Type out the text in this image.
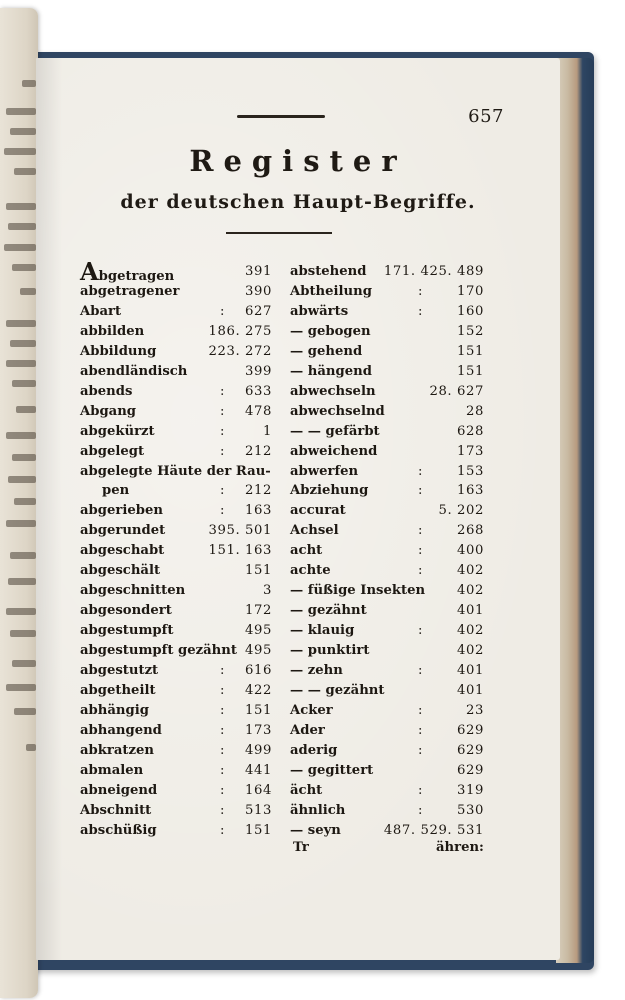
657
Register
der deutschen Haupt-Begriffe.
Abgetragen	391
abgetragener	390
Abart	: 627
abbilden	186. 275
Abbildung	223. 272
abendländisch	399
abends	: 633
Abgang	: 478
abgekürzt	:	1
abgelegt	: 212
abgelegte Häute der Rau-
pen	: 212
abgerieben	: 163
abgerundet	395. 501
abgeschabt	151. 163
abgeschält	151
abgeschnitten	3
abgesondert	172
abgestumpft	495
abgestumpft gezähnt 495
abgestutzt	: 616
abgetheilt	: 422
abhängig	: 151
abhangend	: 173
abkratzen	: 499
abmalen	: 441
abneigend	: 164
Abschnitt	: 513
abschüßig	: 151
abstehend 171. 425. 489
Abtheilung	:	170
abwärts	:	160
— gebogen	152
— gehend	151
— hängend	151
abwechseln	28. 627
abwechselnd	28
— — gefärbt	628
abweichend	173
abwerfen	:	153
Abziehung	:	163
accurat	5. 202
Achsel	:	268
acht	:	400
achte	:	402
— füßige Insekten 402
— gezähnt	401
— klauig	:	402
— punktirt	402
— zehn	:	401
— — gezähnt	401
Acker	:	23
Ader	:	629
aderig	:	629
— gegittert	629
ächt	:	319
ähnlich	:	530
— seyn	487. 529. 531
Tr	ähren:
